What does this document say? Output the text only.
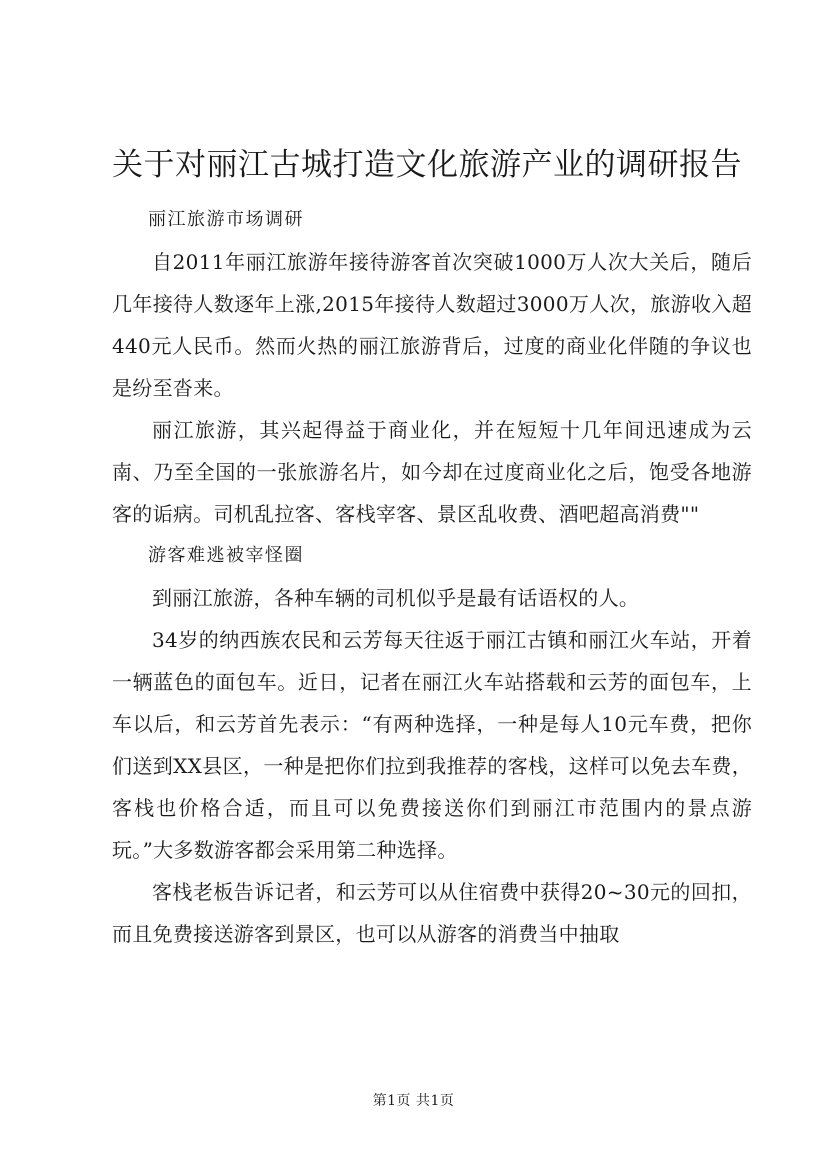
关于对丽江古城打造文化旅游产业的调研报告

丽江旅游市场调研

自2011年丽江旅游年接待游客首次突破1000万人次大关后，随后几年接待人数逐年上涨,2015年接待人数超过3000万人次，旅游收入超440元人民币。然而火热的丽江旅游背后，过度的商业化伴随的争议也是纷至沓来。

丽江旅游，其兴起得益于商业化，并在短短十几年间迅速成为云南、乃至全国的一张旅游名片，如今却在过度商业化之后，饱受各地游客的诟病。司机乱拉客、客栈宰客、景区乱收费、酒吧超高消费""

游客难逃被宰怪圈

到丽江旅游，各种车辆的司机似乎是最有话语权的人。

34岁的纳西族农民和云芳每天往返于丽江古镇和丽江火车站，开着一辆蓝色的面包车。近日，记者在丽江火车站搭载和云芳的面包车，上车以后，和云芳首先表示：“有两种选择，一种是每人10元车费，把你们送到XX县区，一种是把你们拉到我推荐的客栈，这样可以免去车费，客栈也价格合适，而且可以免费接送你们到丽江市范围内的景点游玩。”大多数游客都会采用第二种选择。

客栈老板告诉记者，和云芳可以从住宿费中获得20~30元的回扣，而且免费接送游客到景区，也可以从游客的消费当中抽取

第1页 共1页
